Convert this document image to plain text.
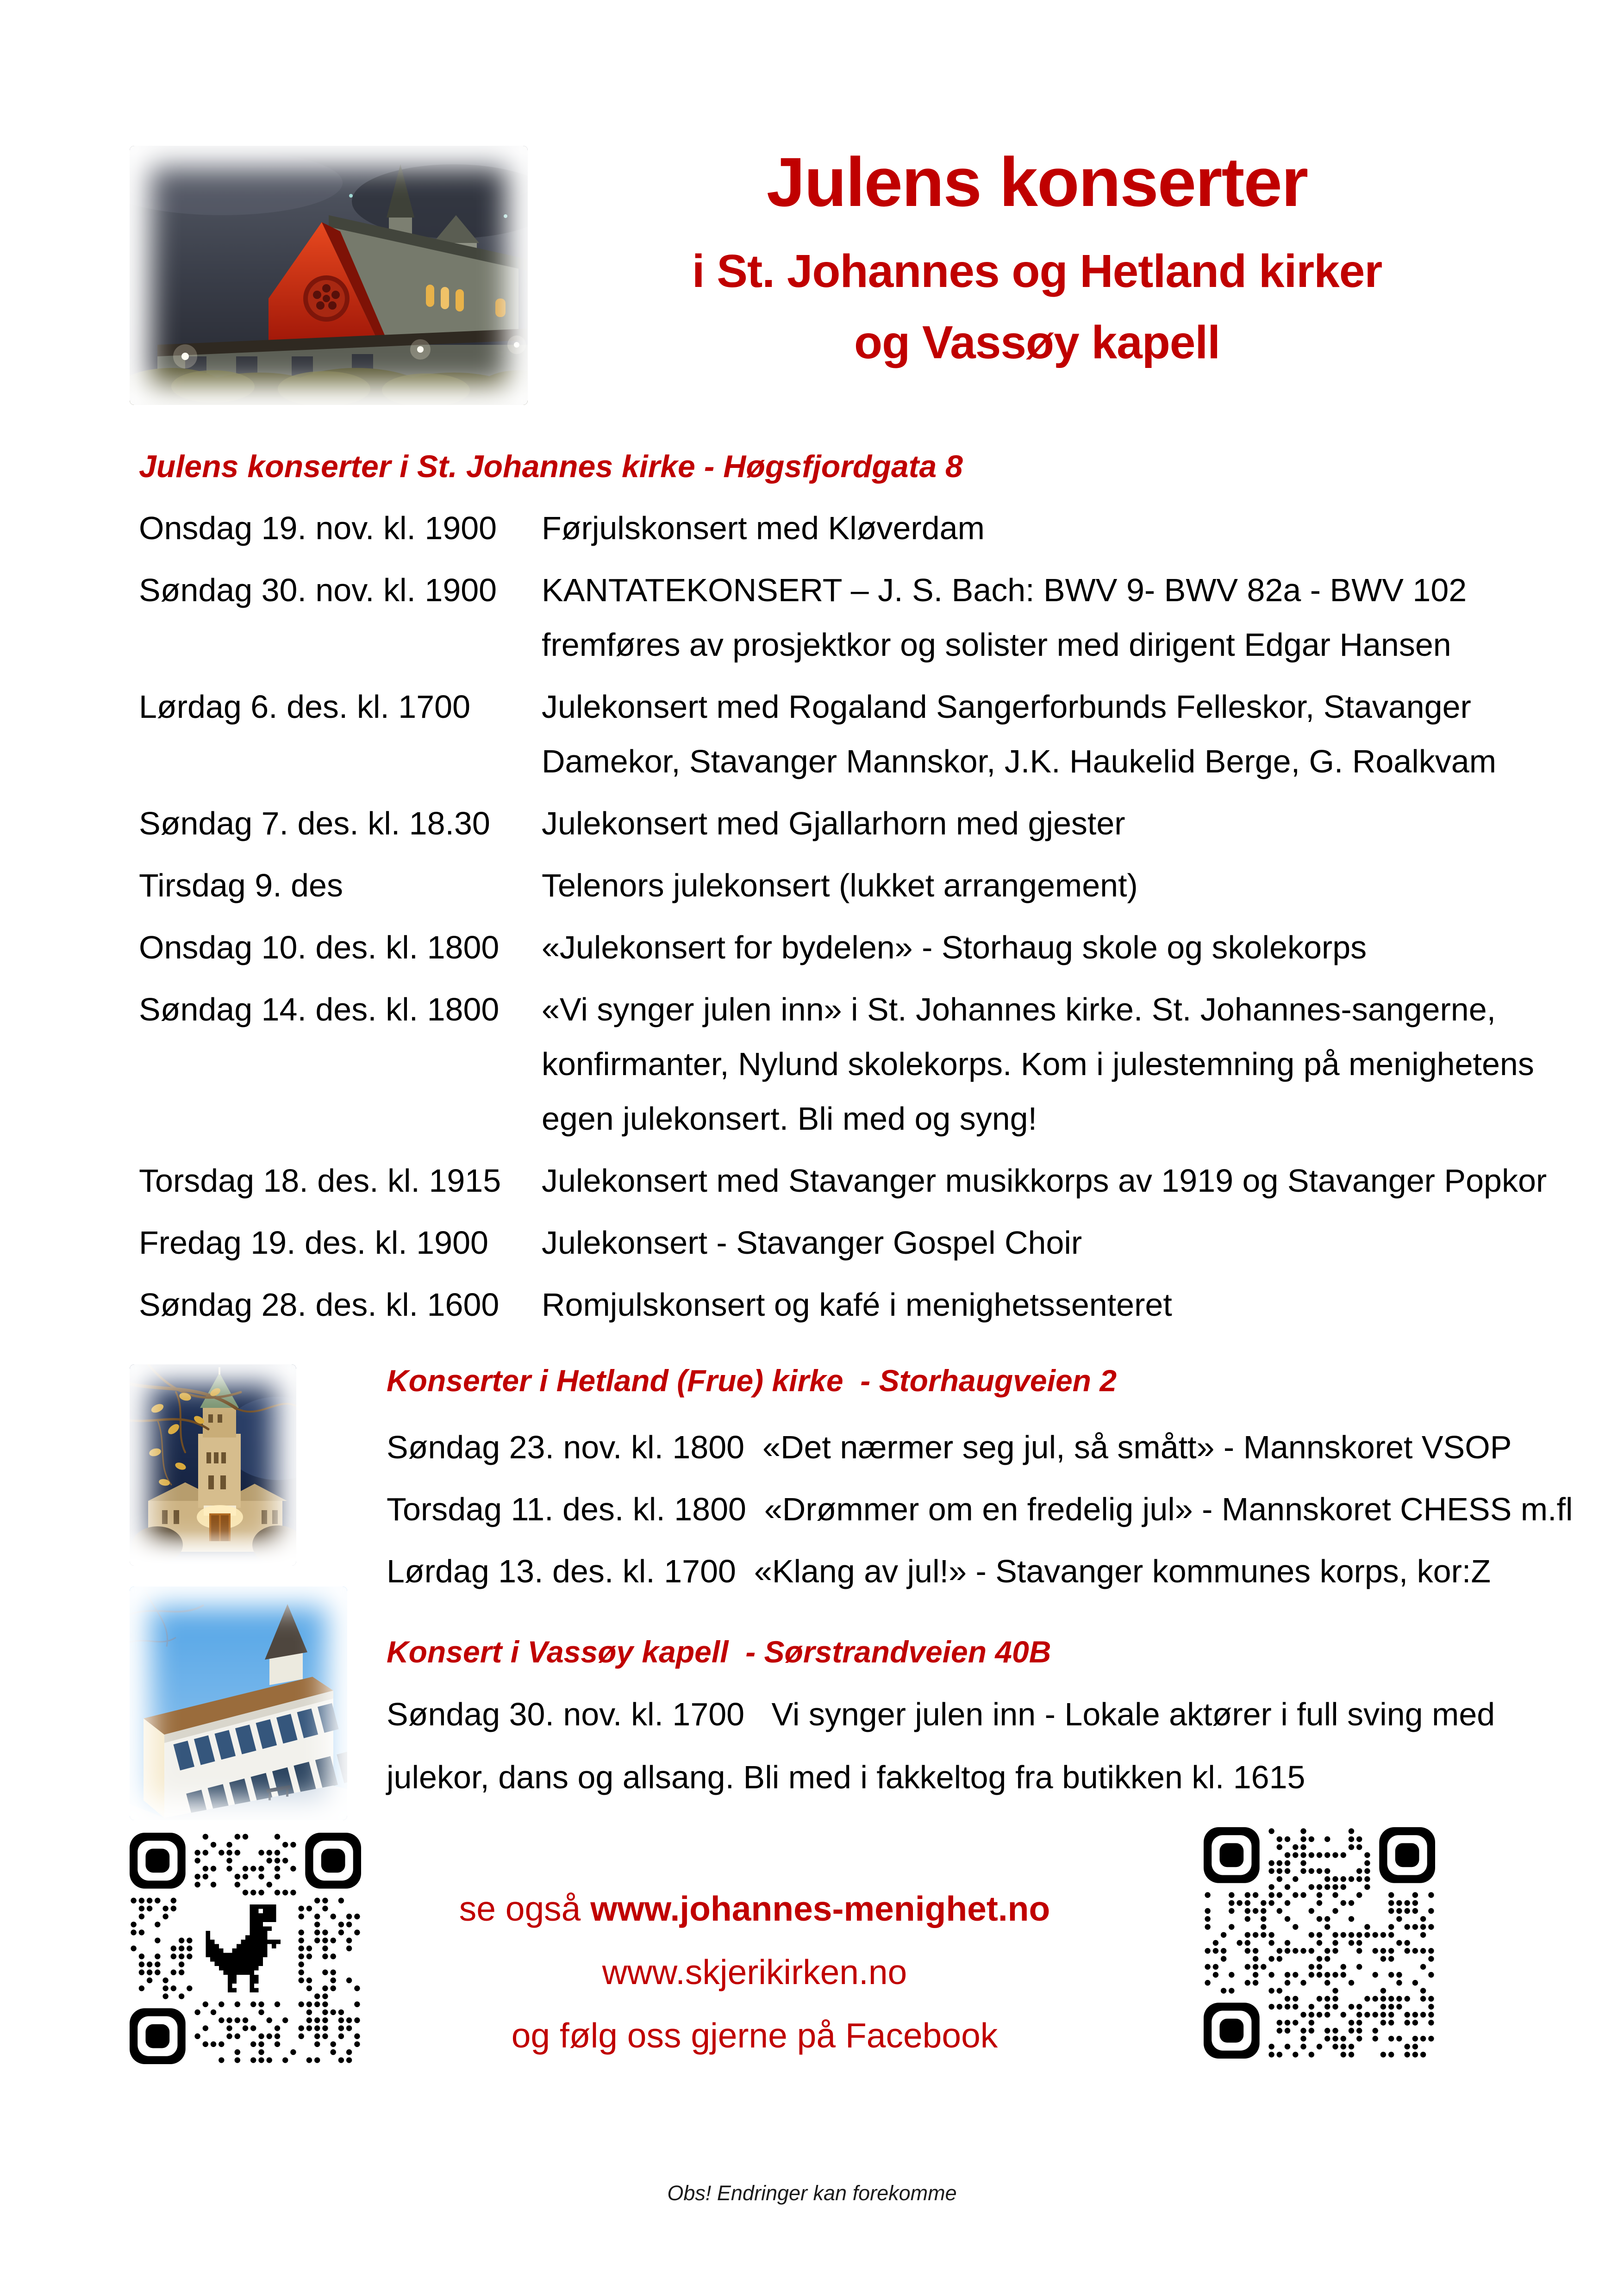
Julens konserter
i St. Johannes og Hetland kirker
og Vassøy kapell
Julens konserter i St. Johannes kirke - Høgsfjordgata 8
Onsdag 19. nov. kl. 1900	Førjulskonsert med Kløverdam
Søndag 30. nov. kl. 1900	KANTATEKONSERT – J. S. Bach: BWV 9- BWV 82a - BWV 102
fremføres av prosjektkor og solister med dirigent Edgar Hansen
Lørdag 6. des. kl. 1700	Julekonsert med Rogaland Sangerforbunds Felleskor, Stavanger
Damekor, Stavanger Mannskor, J.K. Haukelid Berge, G. Roalkvam
Søndag 7. des. kl. 18.30	Julekonsert med Gjallarhorn med gjester
Tirsdag 9. des	Telenors julekonsert (lukket arrangement)
Onsdag 10. des. kl. 1800	«Julekonsert for bydelen» - Storhaug skole og skolekorps
Søndag 14. des. kl. 1800	«Vi synger julen inn» i St. Johannes kirke. St. Johannes-sangerne,
konfirmanter, Nylund skolekorps. Kom i julestemning på menighetens
egen julekonsert. Bli med og syng!
Torsdag 18. des. kl. 1915	Julekonsert med Stavanger musikkorps av 1919 og Stavanger Popkor
Fredag 19. des. kl. 1900	Julekonsert - Stavanger Gospel Choir
Søndag 28. des. kl. 1600	Romjulskonsert og kafé i menighetssenteret
Konserter i Hetland (Frue) kirke  - Storhaugveien 2
Søndag 23. nov. kl. 1800  «Det nærmer seg jul, så smått» - Mannskoret VSOP
Torsdag 11. des. kl. 1800  «Drømmer om en fredelig jul» - Mannskoret CHESS m.fl
Lørdag 13. des. kl. 1700  «Klang av jul!» - Stavanger kommunes korps, kor:Z
Konsert i Vassøy kapell  - Sørstrandveien 40B
Søndag 30. nov. kl. 1700   Vi synger julen inn - Lokale aktører i full sving med
julekor, dans og allsang. Bli med i fakkeltog fra butikken kl. 1615
se også www.johannes-menighet.no
www.skjerikirken.no
og følg oss gjerne på Facebook
Obs! Endringer kan forekomme
